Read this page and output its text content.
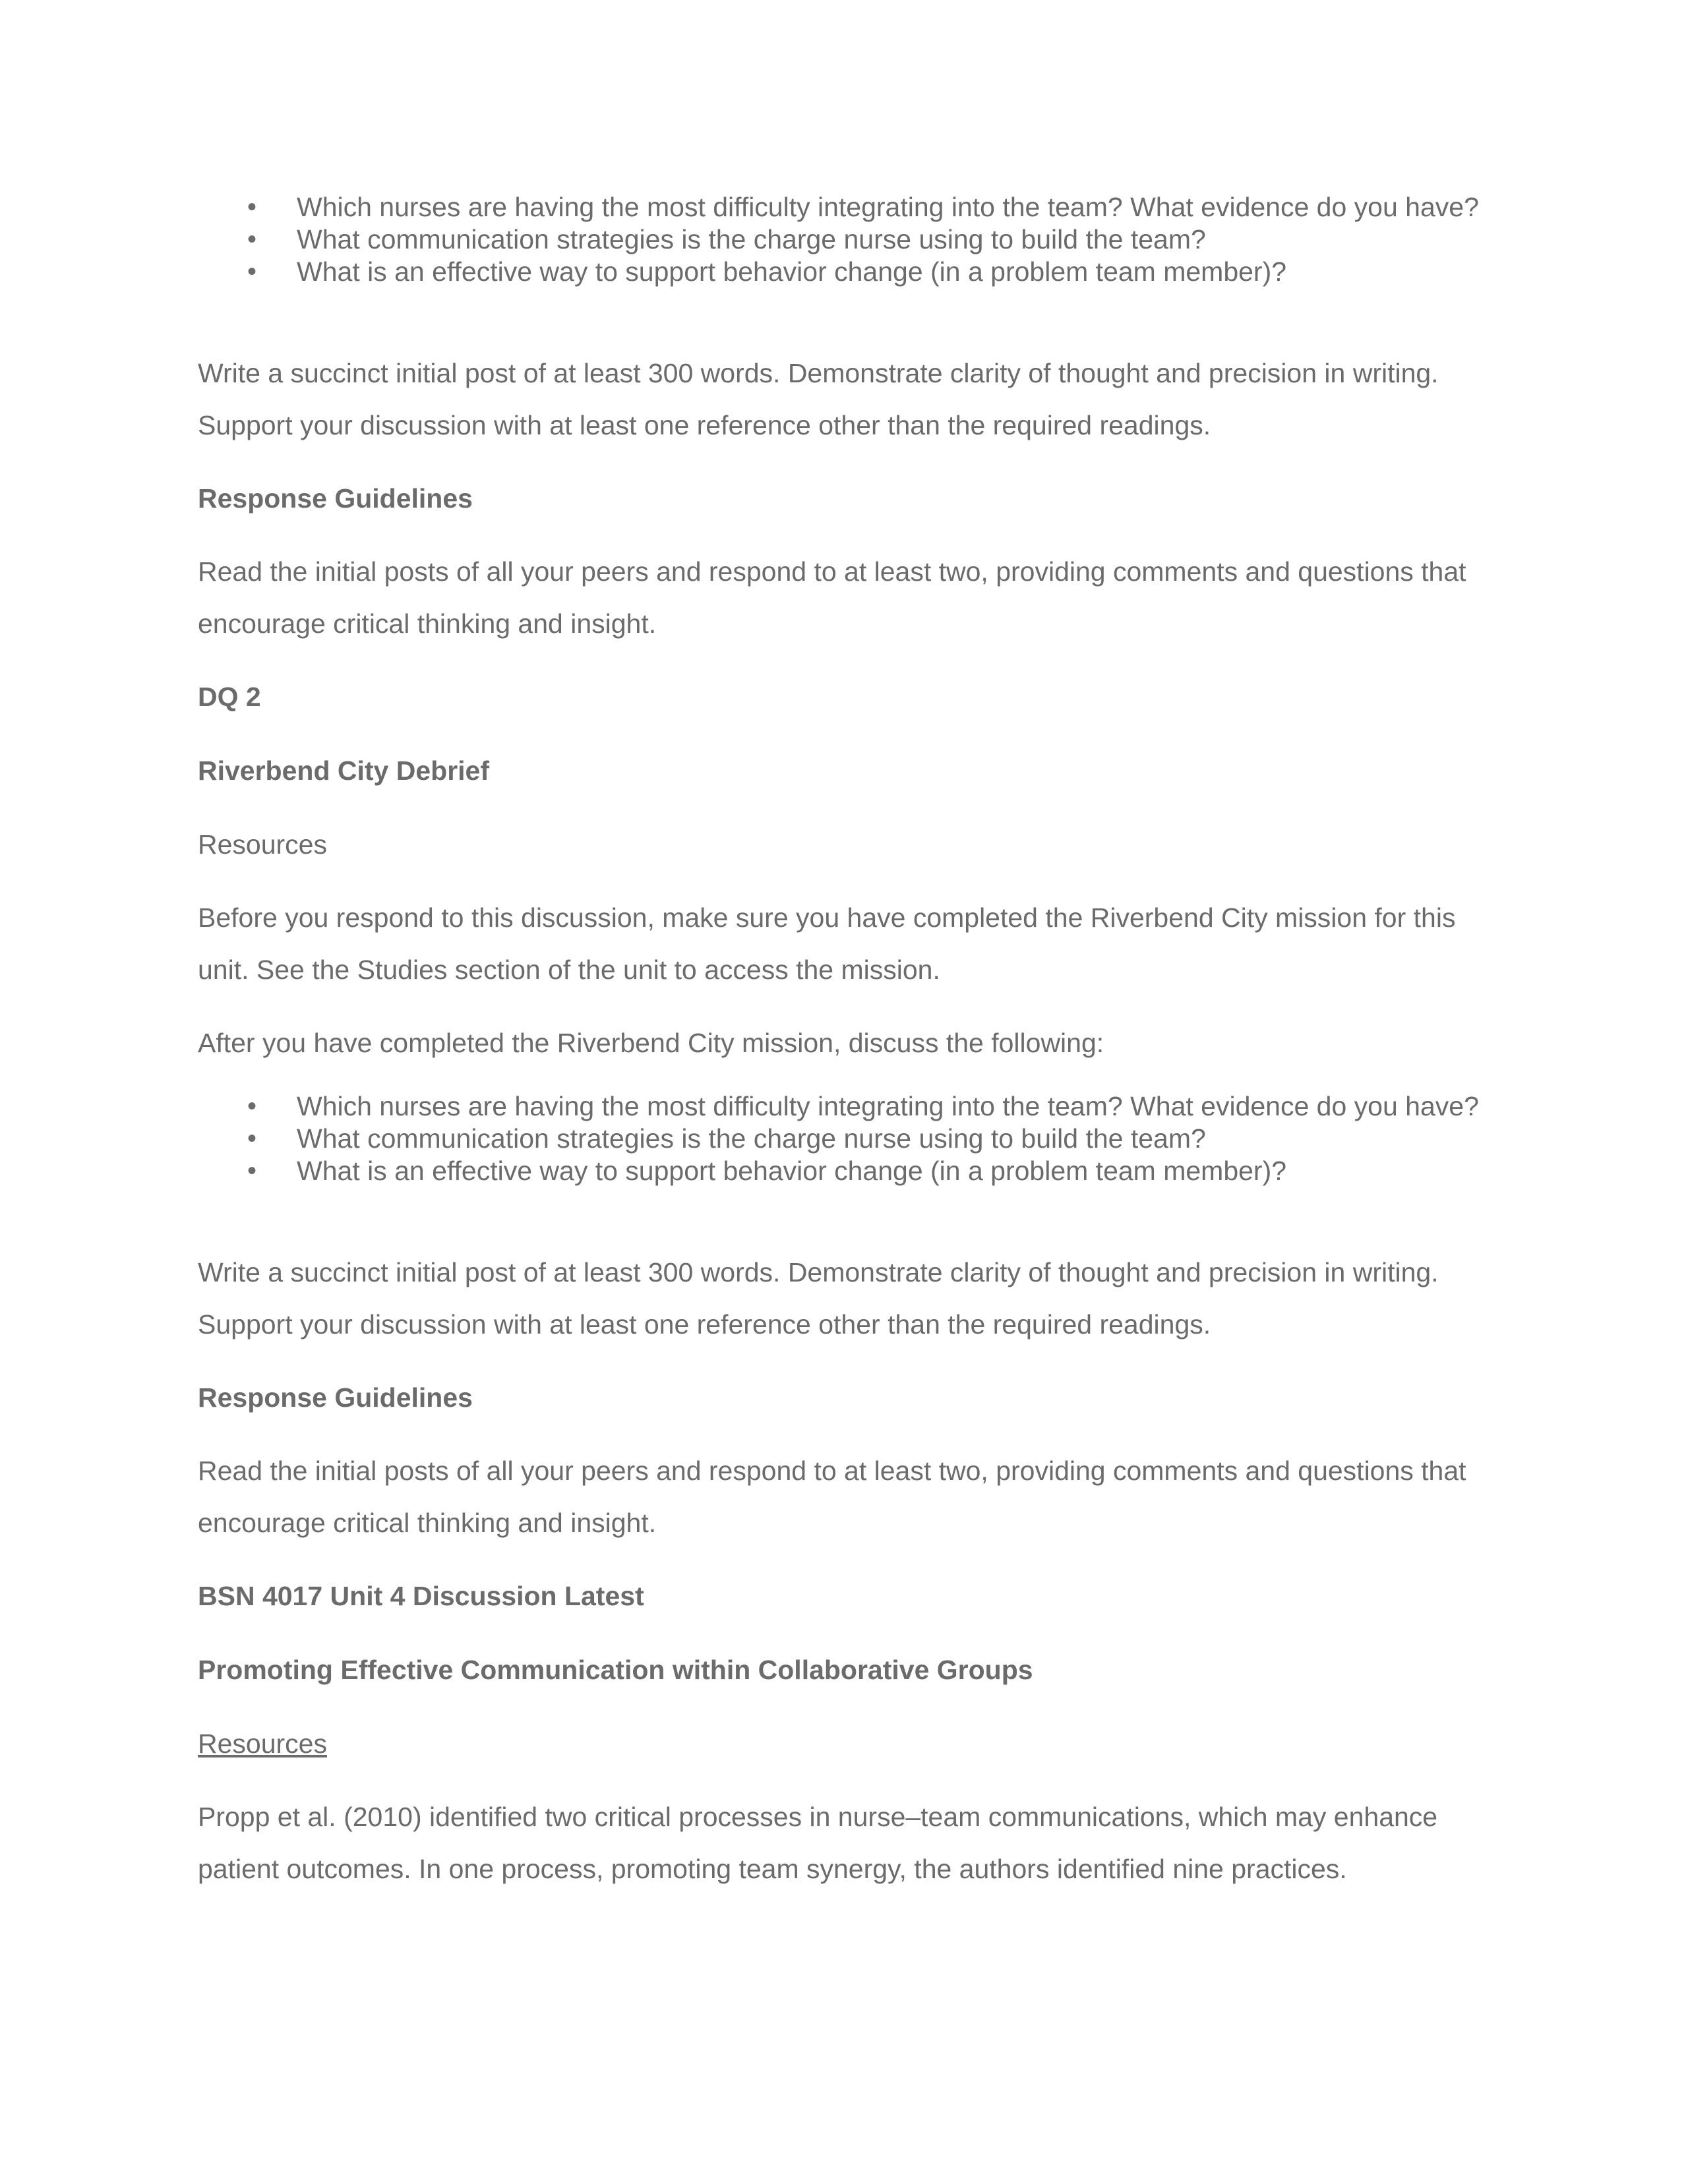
• Which nurses are having the most difficulty integrating into the team? What evidence do you have?
• What communication strategies is the charge nurse using to build the team?
• What is an effective way to support behavior change (in a problem team member)?

Write a succinct initial post of at least 300 words. Demonstrate clarity of thought and precision in writing. Support your discussion with at least one reference other than the required readings.

Response Guidelines

Read the initial posts of all your peers and respond to at least two, providing comments and questions that encourage critical thinking and insight.

DQ 2

Riverbend City Debrief

Resources

Before you respond to this discussion, make sure you have completed the Riverbend City mission for this unit. See the Studies section of the unit to access the mission.

After you have completed the Riverbend City mission, discuss the following:

• Which nurses are having the most difficulty integrating into the team? What evidence do you have?
• What communication strategies is the charge nurse using to build the team?
• What is an effective way to support behavior change (in a problem team member)?

Write a succinct initial post of at least 300 words. Demonstrate clarity of thought and precision in writing. Support your discussion with at least one reference other than the required readings.

Response Guidelines

Read the initial posts of all your peers and respond to at least two, providing comments and questions that encourage critical thinking and insight.

BSN 4017 Unit 4 Discussion Latest

Promoting Effective Communication within Collaborative Groups

Resources

Propp et al. (2010) identified two critical processes in nurse–team communications, which may enhance patient outcomes. In one process, promoting team synergy, the authors identified nine practices.
